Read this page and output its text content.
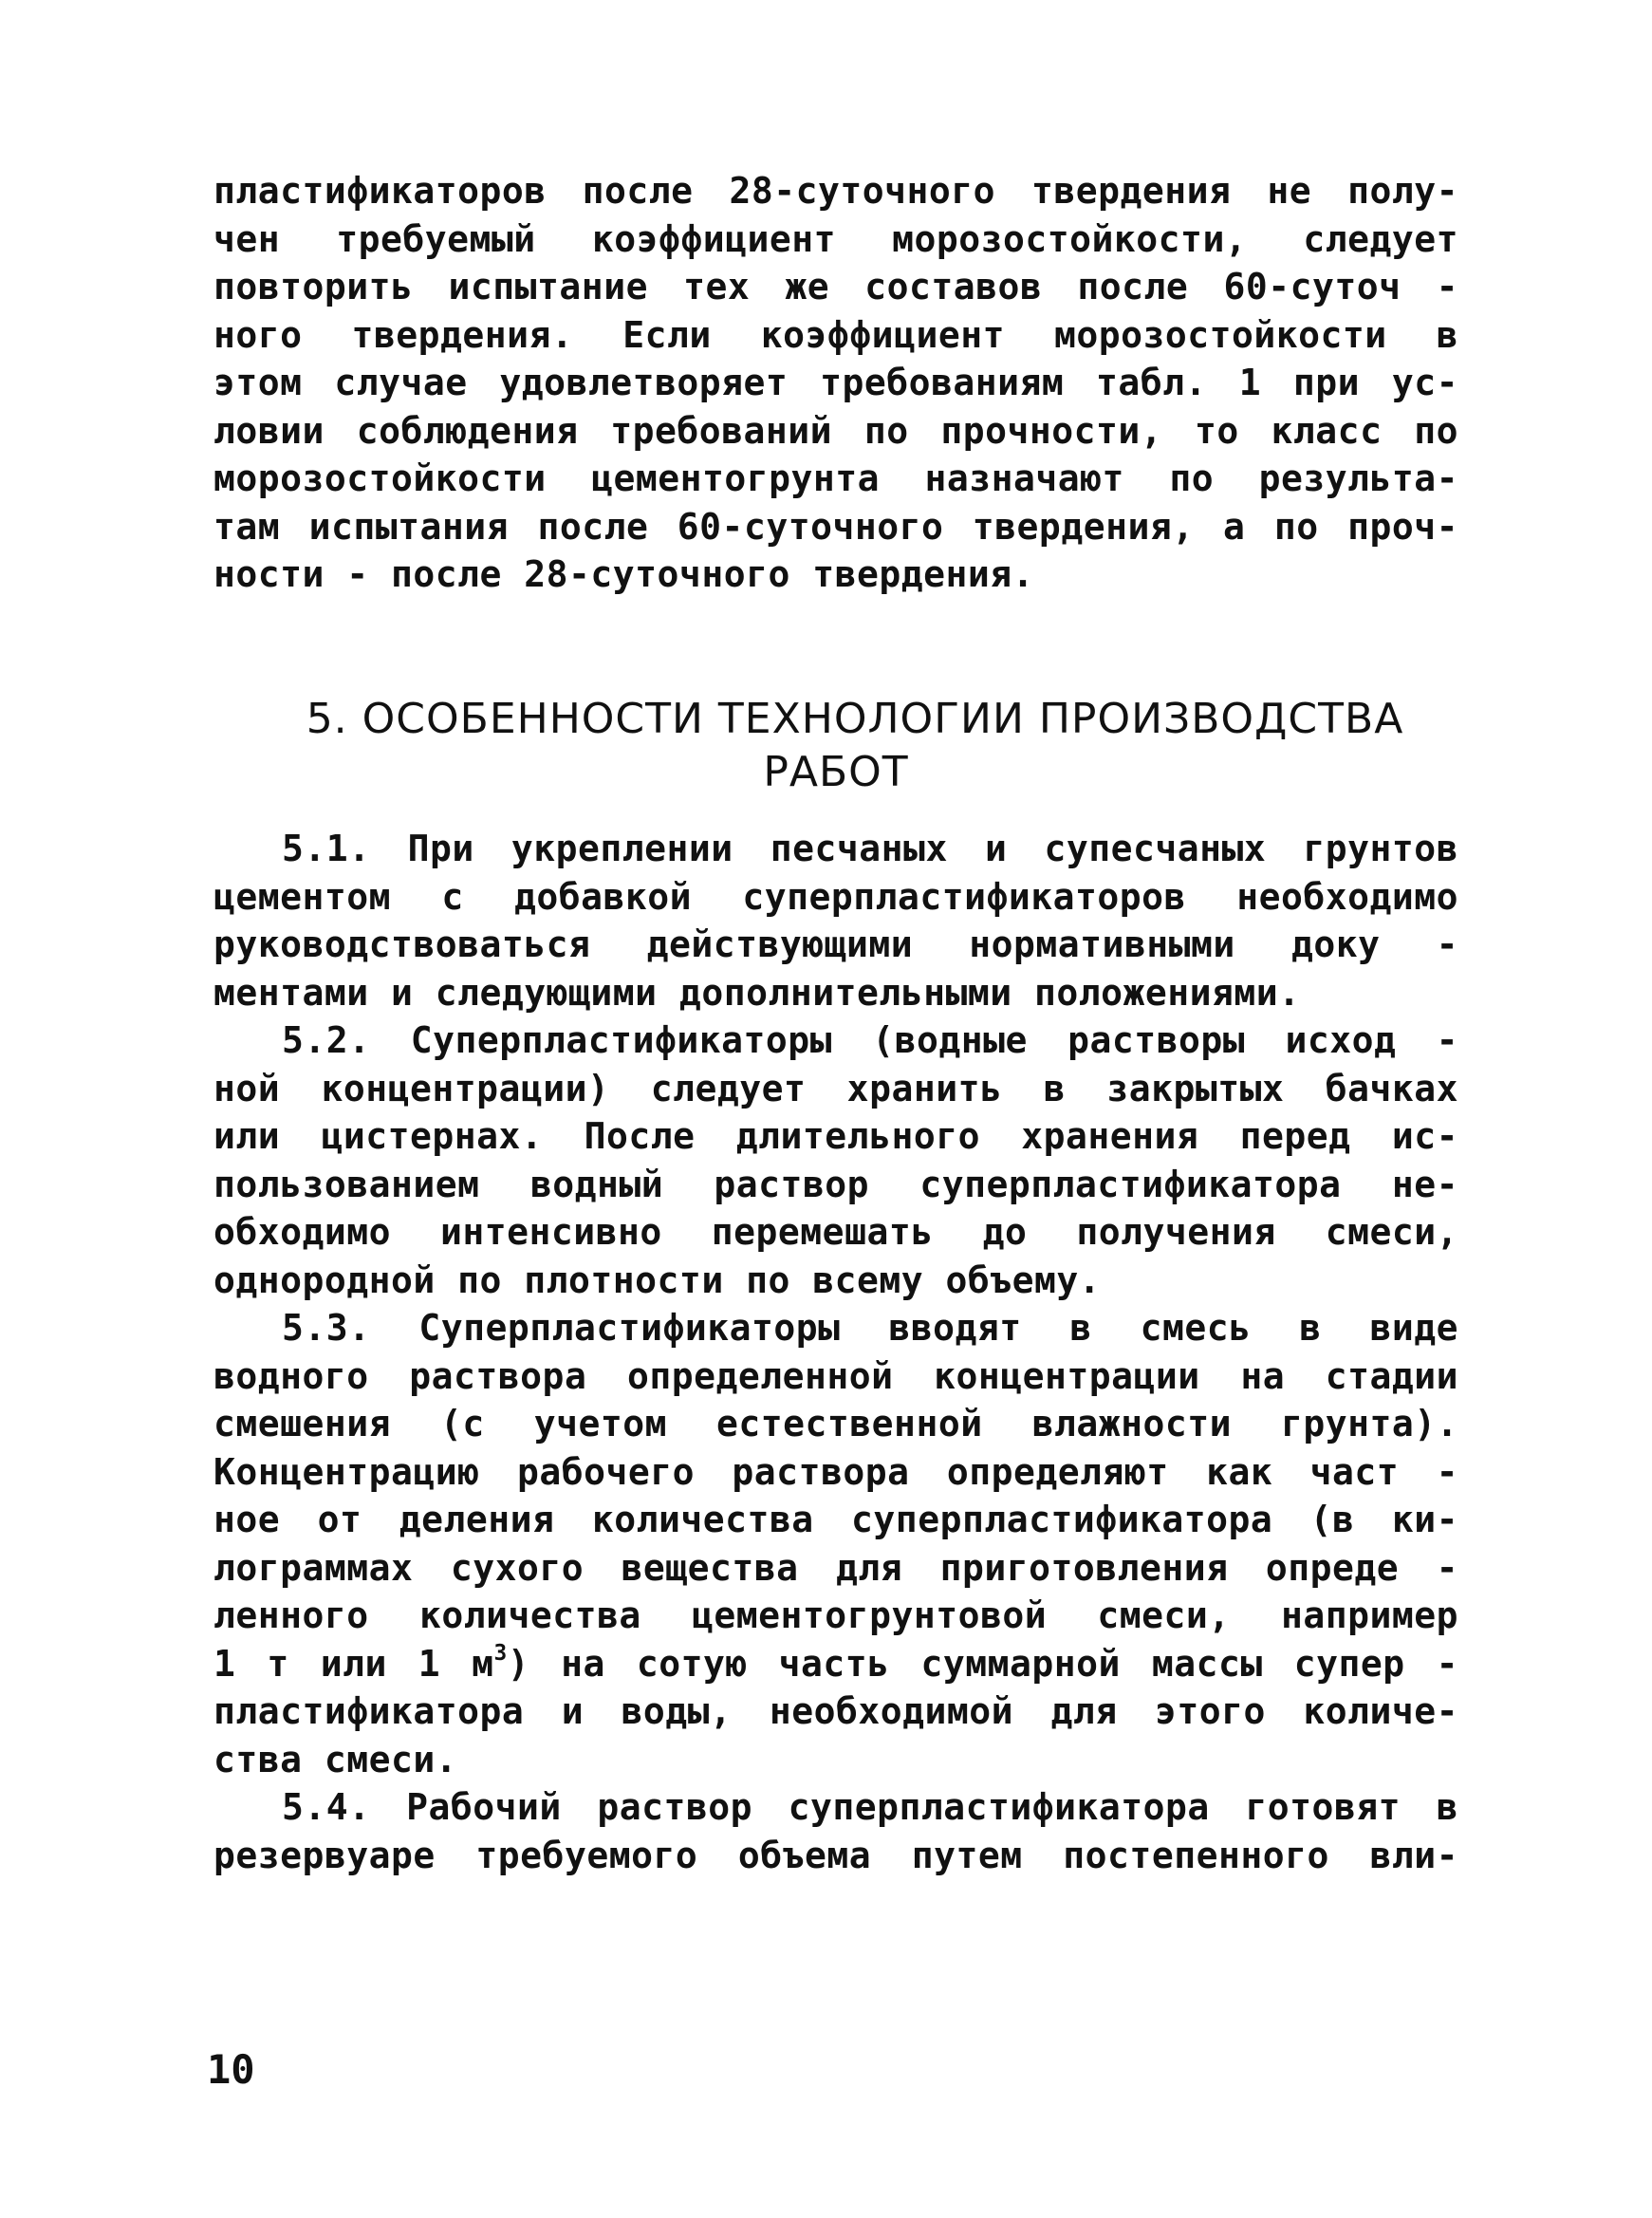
пластификаторов после 28-суточного твердения не полу-
чен требуемый коэффициент морозостойкости, следует
повторить испытание тех же составов после 60-суточ -
ного твердения. Если коэффициент морозостойкости в
этом случае удовлетворяет требованиям табл. 1 при ус-
ловии соблюдения требований по прочности, то класс по
морозостойкости цементогрунта назначают по результа-
там испытания после 60-суточного твердения, а по проч-
ности - после 28-суточного твердения.
5. ОСОБЕННОСТИ ТЕХНОЛОГИИ ПРОИЗВОДСТВА
РАБОТ
5.1. При укреплении песчаных и супесчаных грунтов
цементом с добавкой суперпластификаторов необходимо
руководствоваться действующими нормативными доку -
ментами и следующими дополнительными положениями.
5.2. Суперпластификаторы (водные растворы исход -
ной концентрации) следует хранить в закрытых бачках
или цистернах. После длительного хранения перед ис-
пользованием водный раствор суперпластификатора не-
обходимо интенсивно перемешать до получения смеси,
однородной по плотности по всему объему.
5.3. Суперпластификаторы вводят в смесь в виде
водного раствора определенной концентрации на стадии
смешения (с учетом естественной влажности грунта).
Концентрацию рабочего раствора определяют как част -
ное от деления количества суперпластификатора (в ки-
лограммах сухого вещества для приготовления опреде -
ленного количества цементогрунтовой смеси, например
1 т или 1 $м^3$) на сотую часть суммарной массы супер -
пластификатора и воды, необходимой для этого количе-
ства смеси.
5.4. Рабочий раствор суперпластификатора готовят в
резервуаре требуемого объема путем постепенного вли-
10
